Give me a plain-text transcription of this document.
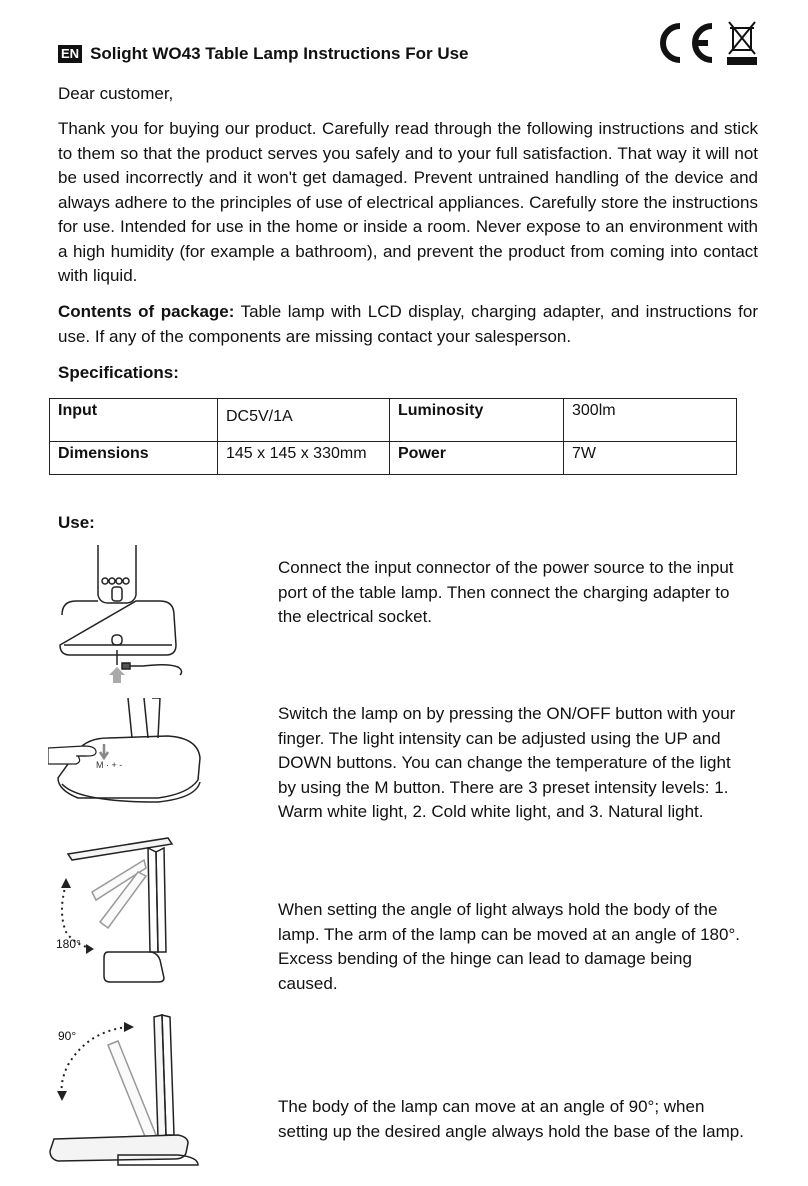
EN Solight WO43 Table Lamp Instructions For Use
Dear customer,
Thank you for buying our product. Carefully read through the following instructions and stick to them so that the product serves you safely and to your full satisfaction. That way it will not be used incorrectly and it won't get damaged. Prevent untrained handling of the device and always adhere to the principles of use of electrical appliances. Carefully store the instructions for use. Intended for use in the home or inside a room. Never expose to an environment with a high humidity (for example a bathroom), and prevent the product from coming into contact with liquid.
Contents of package: Table lamp with LCD display, charging adapter, and instructions for use. If any of the components are missing contact your salesperson.
Specifications:
Input	DC5V/1A	Luminosity	300lm
Dimensions	145 x 145 x 330mm	Power	7W
Use:
Connect the input connector of the power source to the input port of the table lamp. Then connect the charging adapter to the electrical socket.
M · + -
Switch the lamp on by pressing the ON/OFF button with your finger. The light intensity can be adjusted using the UP and DOWN buttons. You can change the temperature of the light by using the M button. There are 3 preset intensity levels: 1. Warm white light, 2. Cold white light, and 3. Natural light.
180°
When setting the angle of light always hold the body of the lamp. The arm of the lamp can be moved at an angle of 180°. Excess bending of the hinge can lead to damage being caused.
90°
The body of the lamp can move at an angle of 90°; when setting up the desired angle always hold the base of the lamp.
